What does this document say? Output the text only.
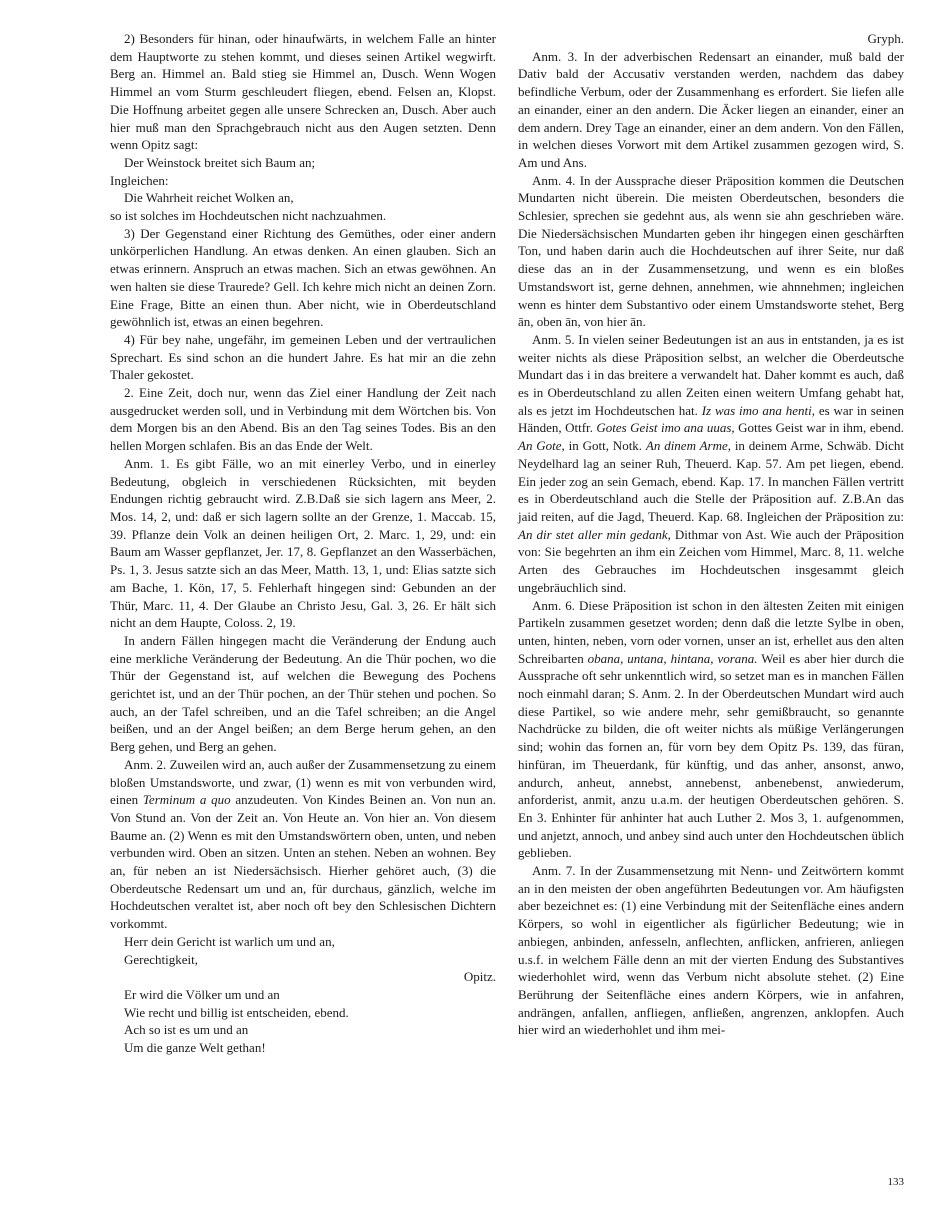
2) Besonders für hinan, oder hinaufwärts, in welchem Falle an hinter dem Hauptworte zu stehen kommt, und dieses seinen Artikel wegwirft. Berg an. Himmel an. Bald stieg sie Himmel an, Dusch. Wenn Wogen Himmel an vom Sturm geschleudert fliegen, ebend. Felsen an, Klopst. Die Hoffnung arbeitet gegen alle unsere Schrecken an, Dusch. Aber auch hier muß man den Sprachgebrauch nicht aus den Augen setzten. Denn wenn Opitz sagt:

Der Weinstock breitet sich Baum an;

Ingleichen:

Die Wahrheit reichet Wolken an,

so ist solches im Hochdeutschen nicht nachzuahmen.

3) Der Gegenstand einer Richtung des Gemüthes, oder einer andern unkörperlichen Handlung. An etwas denken. An einen glauben. Sich an etwas erinnern. Anspruch an etwas machen. Sich an etwas gewöhnen. An wen halten sie diese Traurede? Gell. Ich kehre mich nicht an deinen Zorn. Eine Frage, Bitte an einen thun. Aber nicht, wie in Oberdeutschland gewöhnlich ist, etwas an einen begehren.

4) Für bey nahe, ungefähr, im gemeinen Leben und der vertraulichen Sprechart. Es sind schon an die hundert Jahre. Es hat mir an die zehn Thaler gekostet.

2. Eine Zeit, doch nur, wenn das Ziel einer Handlung der Zeit nach ausgedrucket werden soll, und in Verbindung mit dem Wörtchen bis. Von dem Morgen bis an den Abend. Bis an den Tag seines Todes. Bis an den hellen Morgen schlafen. Bis an das Ende der Welt.

Anm. 1. Es gibt Fälle, wo an mit einerley Verbo, und in einerley Bedeutung, obgleich in verschiedenen Rücksichten, mit beyden Endungen richtig gebraucht wird. Z.B.Daß sie sich lagern ans Meer, 2. Mos. 14, 2, und: daß er sich lagern sollte an der Grenze, 1. Maccab. 15, 39. Pflanze dein Volk an deinen heiligen Ort, 2. Marc. 1, 29, und: ein Baum am Wasser gepflanzet, Jer. 17, 8. Gepflanzet an den Wasserbächen, Ps. 1, 3. Jesus satzte sich an das Meer, Matth. 13, 1, und: Elias satzte sich am Bache, 1. Kön, 17, 5. Fehlerhaft hingegen sind: Gebunden an der Thür, Marc. 11, 4. Der Glaube an Christo Jesu, Gal. 3, 26. Er hält sich nicht an dem Haupte, Coloss. 2, 19.

In andern Fällen hingegen macht die Veränderung der Endung auch eine merkliche Veränderung der Bedeutung. An die Thür pochen, wo die Thür der Gegenstand ist, auf welchen die Bewegung des Pochens gerichtet ist, und an der Thür pochen, an der Thür stehen und pochen. So auch, an der Tafel schreiben, und an die Tafel schreiben; an die Angel beißen, und an der Angel beißen; an dem Berge herum gehen, an den Berg gehen, und Berg an gehen.

Anm. 2. Zuweilen wird an, auch außer der Zusammensetzung zu einem bloßen Umstandsworte, und zwar, (1) wenn es mit von verbunden wird, einen Terminum a quo anzudeuten. Von Kindes Beinen an. Von nun an. Von Stund an. Von der Zeit an. Von Heute an. Von hier an. Von diesem Baume an. (2) Wenn es mit den Umstandswörtern oben, unten, und neben verbunden wird. Oben an sitzen. Unten an stehen. Neben an wohnen. Bey an, für neben an ist Niedersächsisch. Hierher gehöret auch, (3) die Oberdeutsche Redensart um und an, für durchaus, gänzlich, welche im Hochdeutschen veraltet ist, aber noch oft bey den Schlesischen Dichtern vorkommt.

Herr dein Gericht ist warlich um und an,

Gerechtigkeit,

Opitz.

Er wird die Völker um und an

Wie recht und billig ist entscheiden, ebend.

Ach so ist es um und an

Um die ganze Welt gethan!

Gryph.

Anm. 3. In der adverbischen Redensart an einander, muß bald der Dativ bald der Accusativ verstanden werden, nachdem das dabey befindliche Verbum, oder der Zusammenhang es erfordert. Sie liefen alle an einander, einer an den andern. Die Äcker liegen an einander, einer an dem andern. Drey Tage an einander, einer an dem andern. Von den Fällen, in welchen dieses Vorwort mit dem Artikel zusammen gezogen wird, S. Am und Ans.

Anm. 4. In der Aussprache dieser Präposition kommen die Deutschen Mundarten nicht überein. Die meisten Oberdeutschen, besonders die Schlesier, sprechen sie gedehnt aus, als wenn sie ahn geschrieben wäre. Die Niedersächsischen Mundarten geben ihr hingegen einen geschärften Ton, und haben darin auch die Hochdeutschen auf ihrer Seite, nur daß diese das an in der Zusammensetzung, und wenn es ein bloßes Umstandswort ist, gerne dehnen, annehmen, wie ahnnehmen; ingleichen wenn es hinter dem Substantivo oder einem Umstandsworte stehet, Berg ān, oben ān, von hier ān.

Anm. 5. In vielen seiner Bedeutungen ist an aus in entstanden, ja es ist weiter nichts als diese Präposition selbst, an welcher die Oberdeutsche Mundart das i in das breitere a verwandelt hat. Daher kommt es auch, daß es in Oberdeutschland zu allen Zeiten einen weitern Umfang gehabt hat, als es jetzt im Hochdeutschen hat. Iz was imo ana henti, es war in seinen Händen, Ottfr. Gotes Geist imo ana uuas, Gottes Geist war in ihm, ebend. An Gote, in Gott, Notk. An dinem Arme, in deinem Arme, Schwäb. Dicht Neydelhard lag an seiner Ruh, Theuerd. Kap. 57. Am pet liegen, ebend. Ein jeder zog an sein Gemach, ebend. Kap. 17. In manchen Fällen vertritt es in Oberdeutschland auch die Stelle der Präposition auf. Z.B.An das jaid reiten, auf die Jagd, Theuerd. Kap. 68. Ingleichen der Präposition zu: An dir stet aller min gedank, Dithmar von Ast. Wie auch der Präposition von: Sie begehrten an ihm ein Zeichen vom Himmel, Marc. 8, 11. welche Arten des Gebrauches im Hochdeutschen insgesammt gleich ungebräuchlich sind.

Anm. 6. Diese Präposition ist schon in den ältesten Zeiten mit einigen Partikeln zusammen gesetzet worden; denn daß die letzte Sylbe in oben, unten, hinten, neben, vorn oder vornen, unser an ist, erhellet aus den alten Schreibarten obana, untana, hintana, vorana. Weil es aber hier durch die Aussprache oft sehr unkenntlich wird, so setzet man es in manchen Fällen noch einmahl daran; S. Anm. 2. In der Oberdeutschen Mundart wird auch diese Partikel, so wie andere mehr, sehr gemißbraucht, so genannte Nachdrücke zu bilden, die oft weiter nichts als müßige Verlängerungen sind; wohin das fornen an, für vorn bey dem Opitz Ps. 139, das füran, hinfüran, im Theuerdank, für künftig, und das anher, ansonst, anwo, andurch, anheut, annebst, annebenst, anbenebenst, anwiederum, anforderist, anmit, anzu u.a.m. der heutigen Oberdeutschen gehören. S. En 3. Enhinter für anhinter hat auch Luther 2. Mos 3, 1. aufgenommen, und anjetzt, annoch, und anbey sind auch unter den Hochdeutschen üblich geblieben.

Anm. 7. In der Zusammensetzung mit Nenn- und Zeitwörtern kommt an in den meisten der oben angeführten Bedeutungen vor. Am häufigsten aber bezeichnet es: (1) eine Verbindung mit der Seitenfläche eines andern Körpers, so wohl in eigentlicher als figürlicher Bedeutung; wie in anbiegen, anbinden, anfesseln, anflechten, anflicken, anfrieren, anliegen u.s.f. in welchem Fälle denn an mit der vierten Endung des Substantives wiederhohlet wird, wenn das Verbum nicht absolute stehet. (2) Eine Berührung der Seitenfläche eines andern Körpers, wie in anfahren, andrängen, anfallen, anfliegen, anfließen, angrenzen, anklopfen. Auch hier wird an wiederhohlet und ihm mei-

133
